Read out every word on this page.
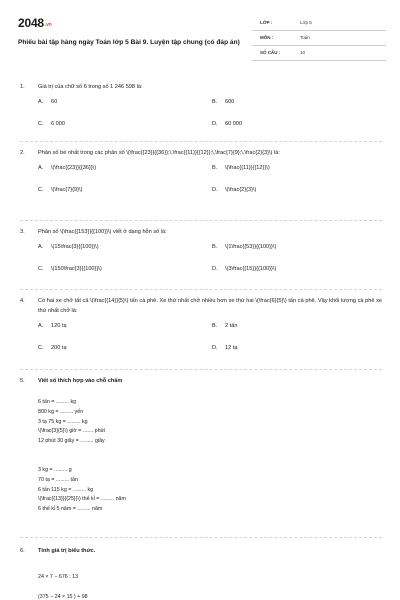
2048.vn
Phiếu bài tập hàng ngày Toán lớp 5 Bài 9. Luyện tập chung (có đáp án)
LỚP :	Lớp 5
MÔN :	Toán
SỐ CÂU :	10
1. Giá trị của chữ số 6 trong số 1 246 598 là:
A. 60	B. 600
C. 6 000	D. 60 000
2. Phân số bé nhất trong các phân số \(\frac{{23}}{{36}};\,\frac{{11}}{{12}};\,\frac{7}{9};\,\frac{2}{3}\) là:
A. \(\frac{{23}}{{36}}\)	B. \(\frac{{11}}{{12}}\)
C. \(\frac{7}{9}\)	D. \(\frac{2}{3}\)
3. Phân số \(\frac{{153}}{{100}}\) viết ở dạng hỗn số là:
A. \(15\frac{3}{{100}}\)	B. \(1\frac{{53}}{{100}}\)
C. \(150\frac{3}{{100}}\)	D. \(3\frac{{15}}{{100}}\)
4. Có hai xe chở tất cả \(\frac{{14}}{5}\) tấn cà phê. Xe thứ nhất chở nhiều hơn xe thứ hai \(\frac{6}{5}\) tấn cà phê. Vậy khối lượng cà phê xe thứ nhất chở là:
A. 120 tạ	B. 2 tấn
C. 200 tạ	D. 12 tạ
5. Viết số thích hợp vào chỗ chấm
6 tấn = ......... kg
800 kg = ......... yến
3 tạ 75 kg = ......... kg
\(\frac{3}{5}\) giờ = ....... phút
12 phút 30 giây = ......... giây
3 kg = ......... g
70 tạ = ......... tấn
6 tấn 115 kg = ......... kg
\(\frac{{13}}{{25}}\) thế kỉ = ......... năm
6 thế kỉ 5 năm = ......... năm
6. Tính giá trị biểu thức.
24 × 7 − 676 : 13
(375 − 24 × 15 ) + 98
